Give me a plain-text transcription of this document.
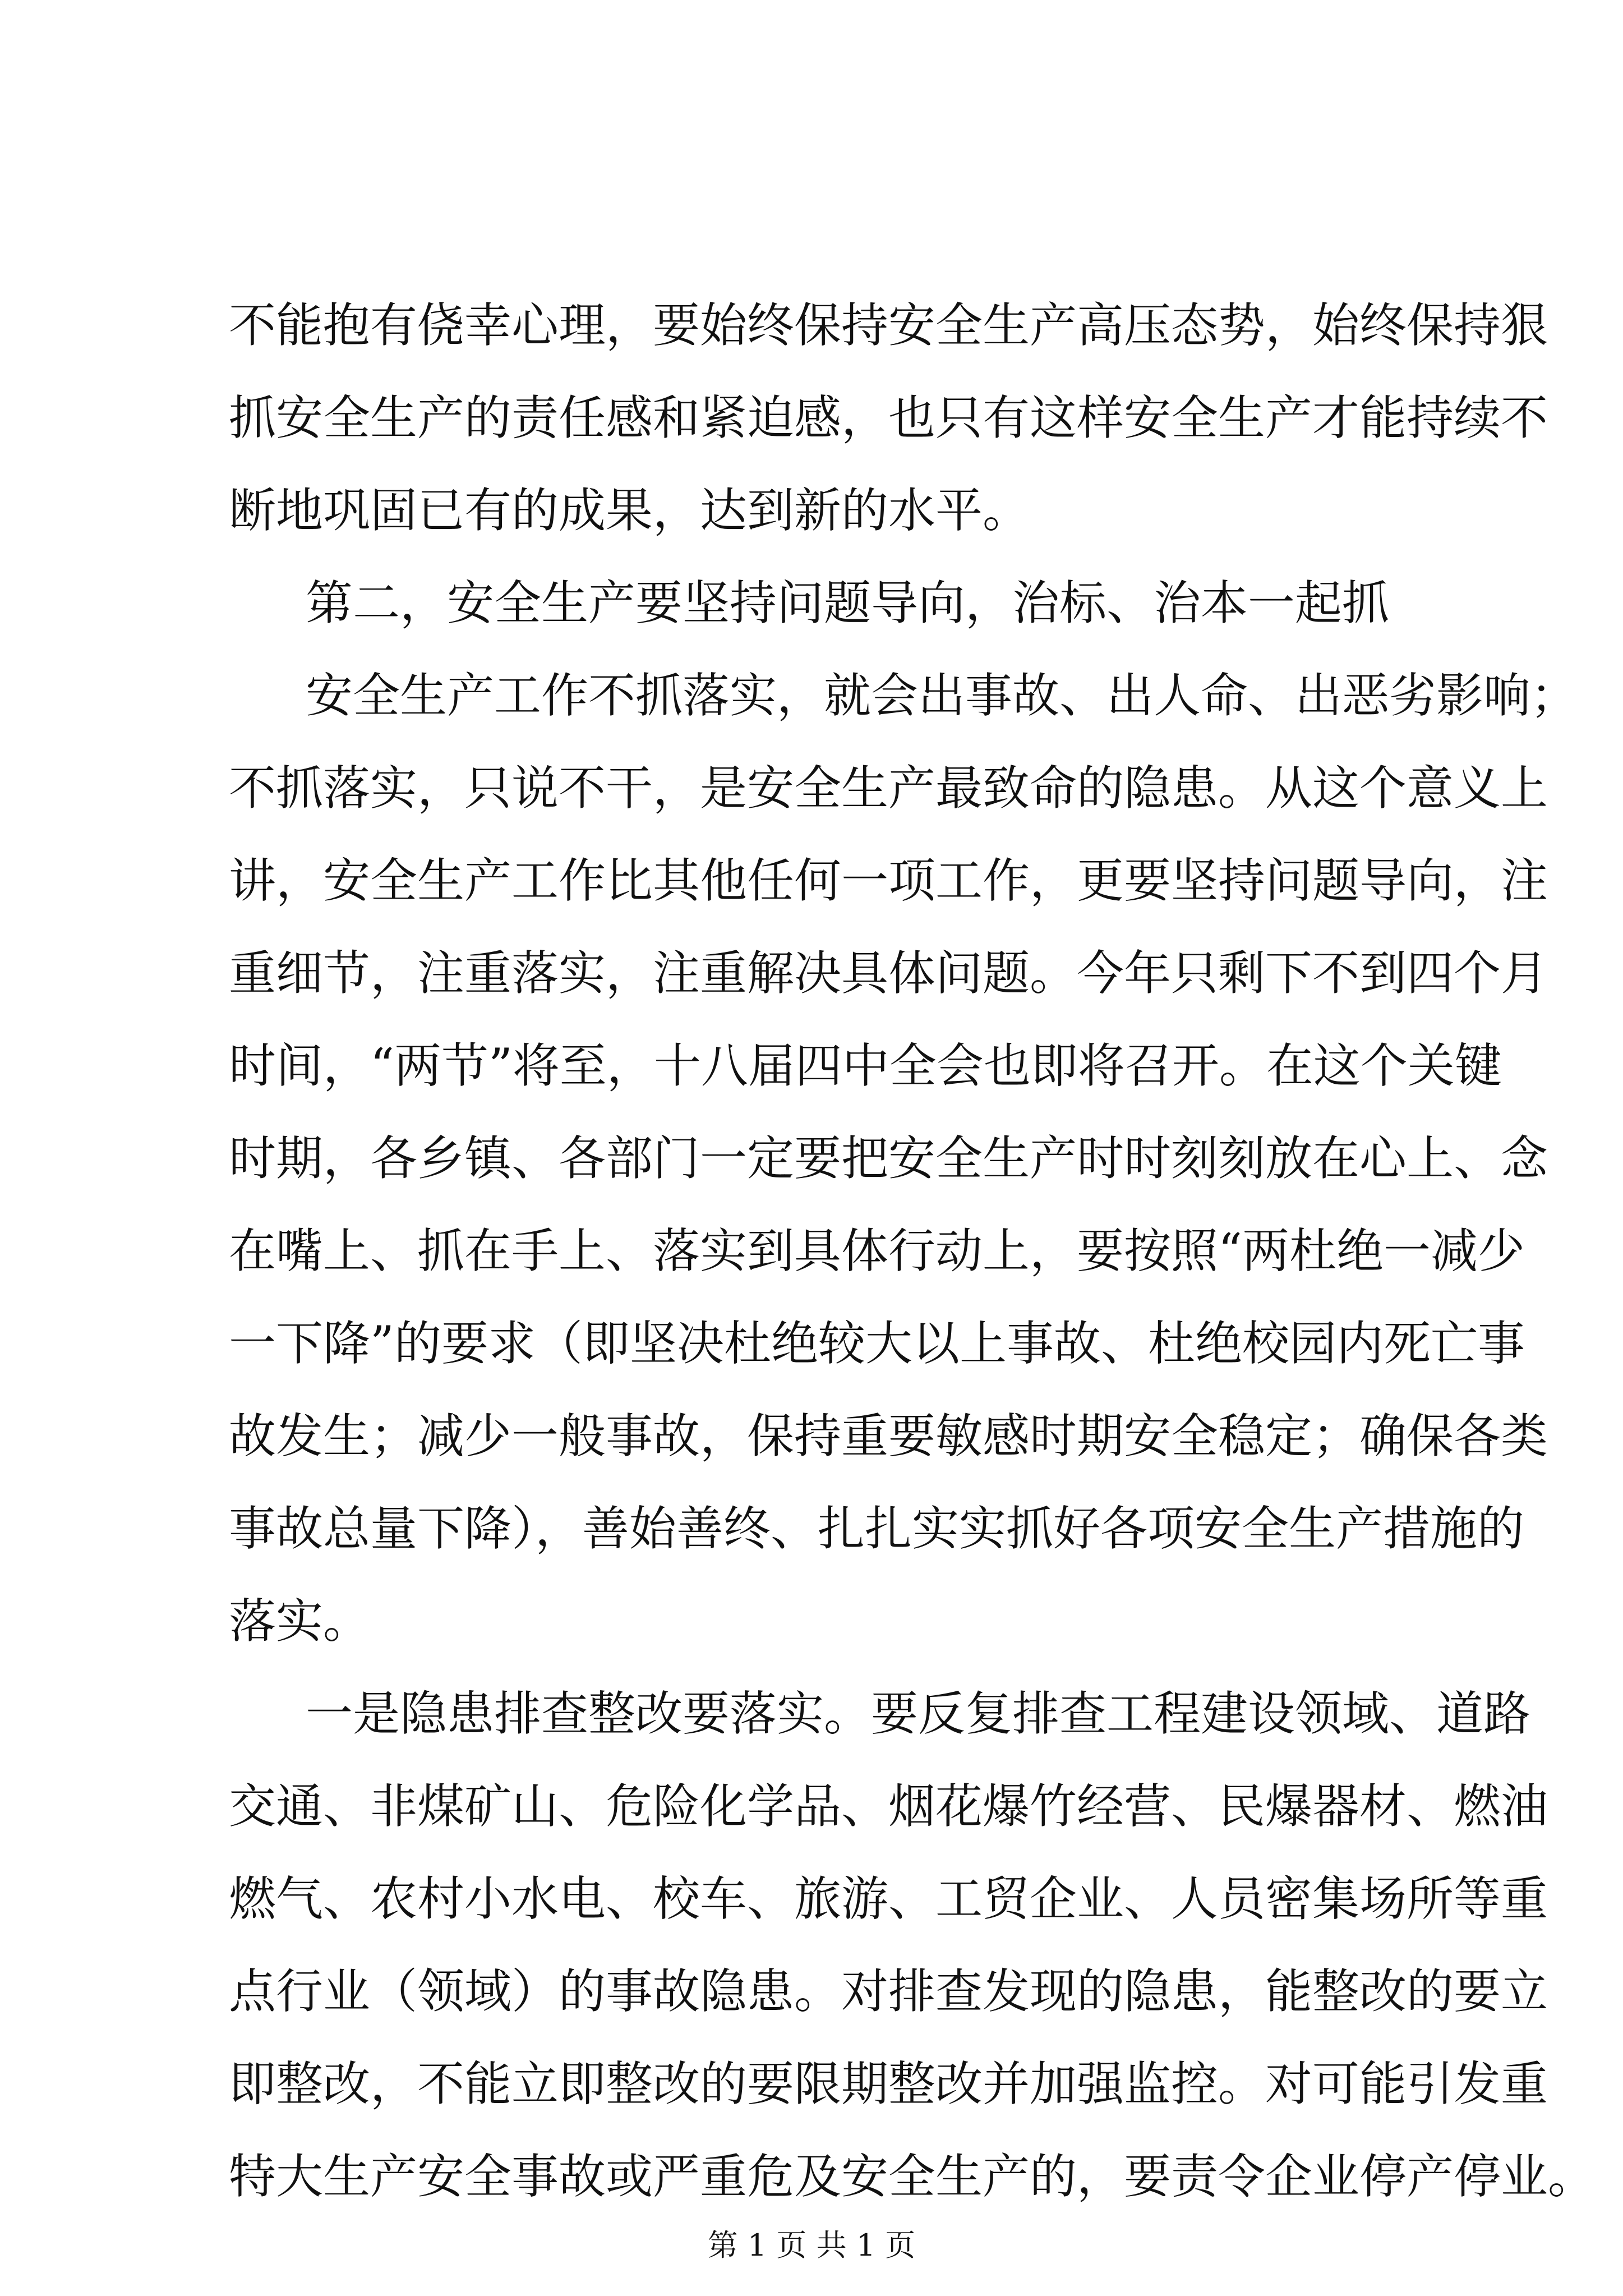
不能抱有侥幸心理，要始终保持安全生产高压态势，始终保持狠
抓安全生产的责任感和紧迫感，也只有这样安全生产才能持续不
断地巩固已有的成果，达到新的水平。
第二，安全生产要坚持问题导向，治标、治本一起抓
安全生产工作不抓落实，就会出事故、出人命、出恶劣影响；
不抓落实，只说不干，是安全生产最致命的隐患。从这个意义上
讲，安全生产工作比其他任何一项工作，更要坚持问题导向，注
重细节，注重落实，注重解决具体问题。今年只剩下不到四个月
时间，“两节”将至，十八届四中全会也即将召开。在这个关键
时期，各乡镇、各部门一定要把安全生产时时刻刻放在心上、念
在嘴上、抓在手上、落实到具体行动上，要按照“两杜绝一减少
一下降”的要求（即坚决杜绝较大以上事故、杜绝校园内死亡事
故发生；减少一般事故，保持重要敏感时期安全稳定；确保各类
事故总量下降），善始善终、扎扎实实抓好各项安全生产措施的
落实。
一是隐患排查整改要落实。要反复排查工程建设领域、道路
交通、非煤矿山、危险化学品、烟花爆竹经营、民爆器材、燃油
燃气、农村小水电、校车、旅游、工贸企业、人员密集场所等重
点行业（领域）的事故隐患。对排查发现的隐患，能整改的要立
即整改，不能立即整改的要限期整改并加强监控。对可能引发重
特大生产安全事故或严重危及安全生产的，要责令企业停产停业。
第 1 页 共 1 页
